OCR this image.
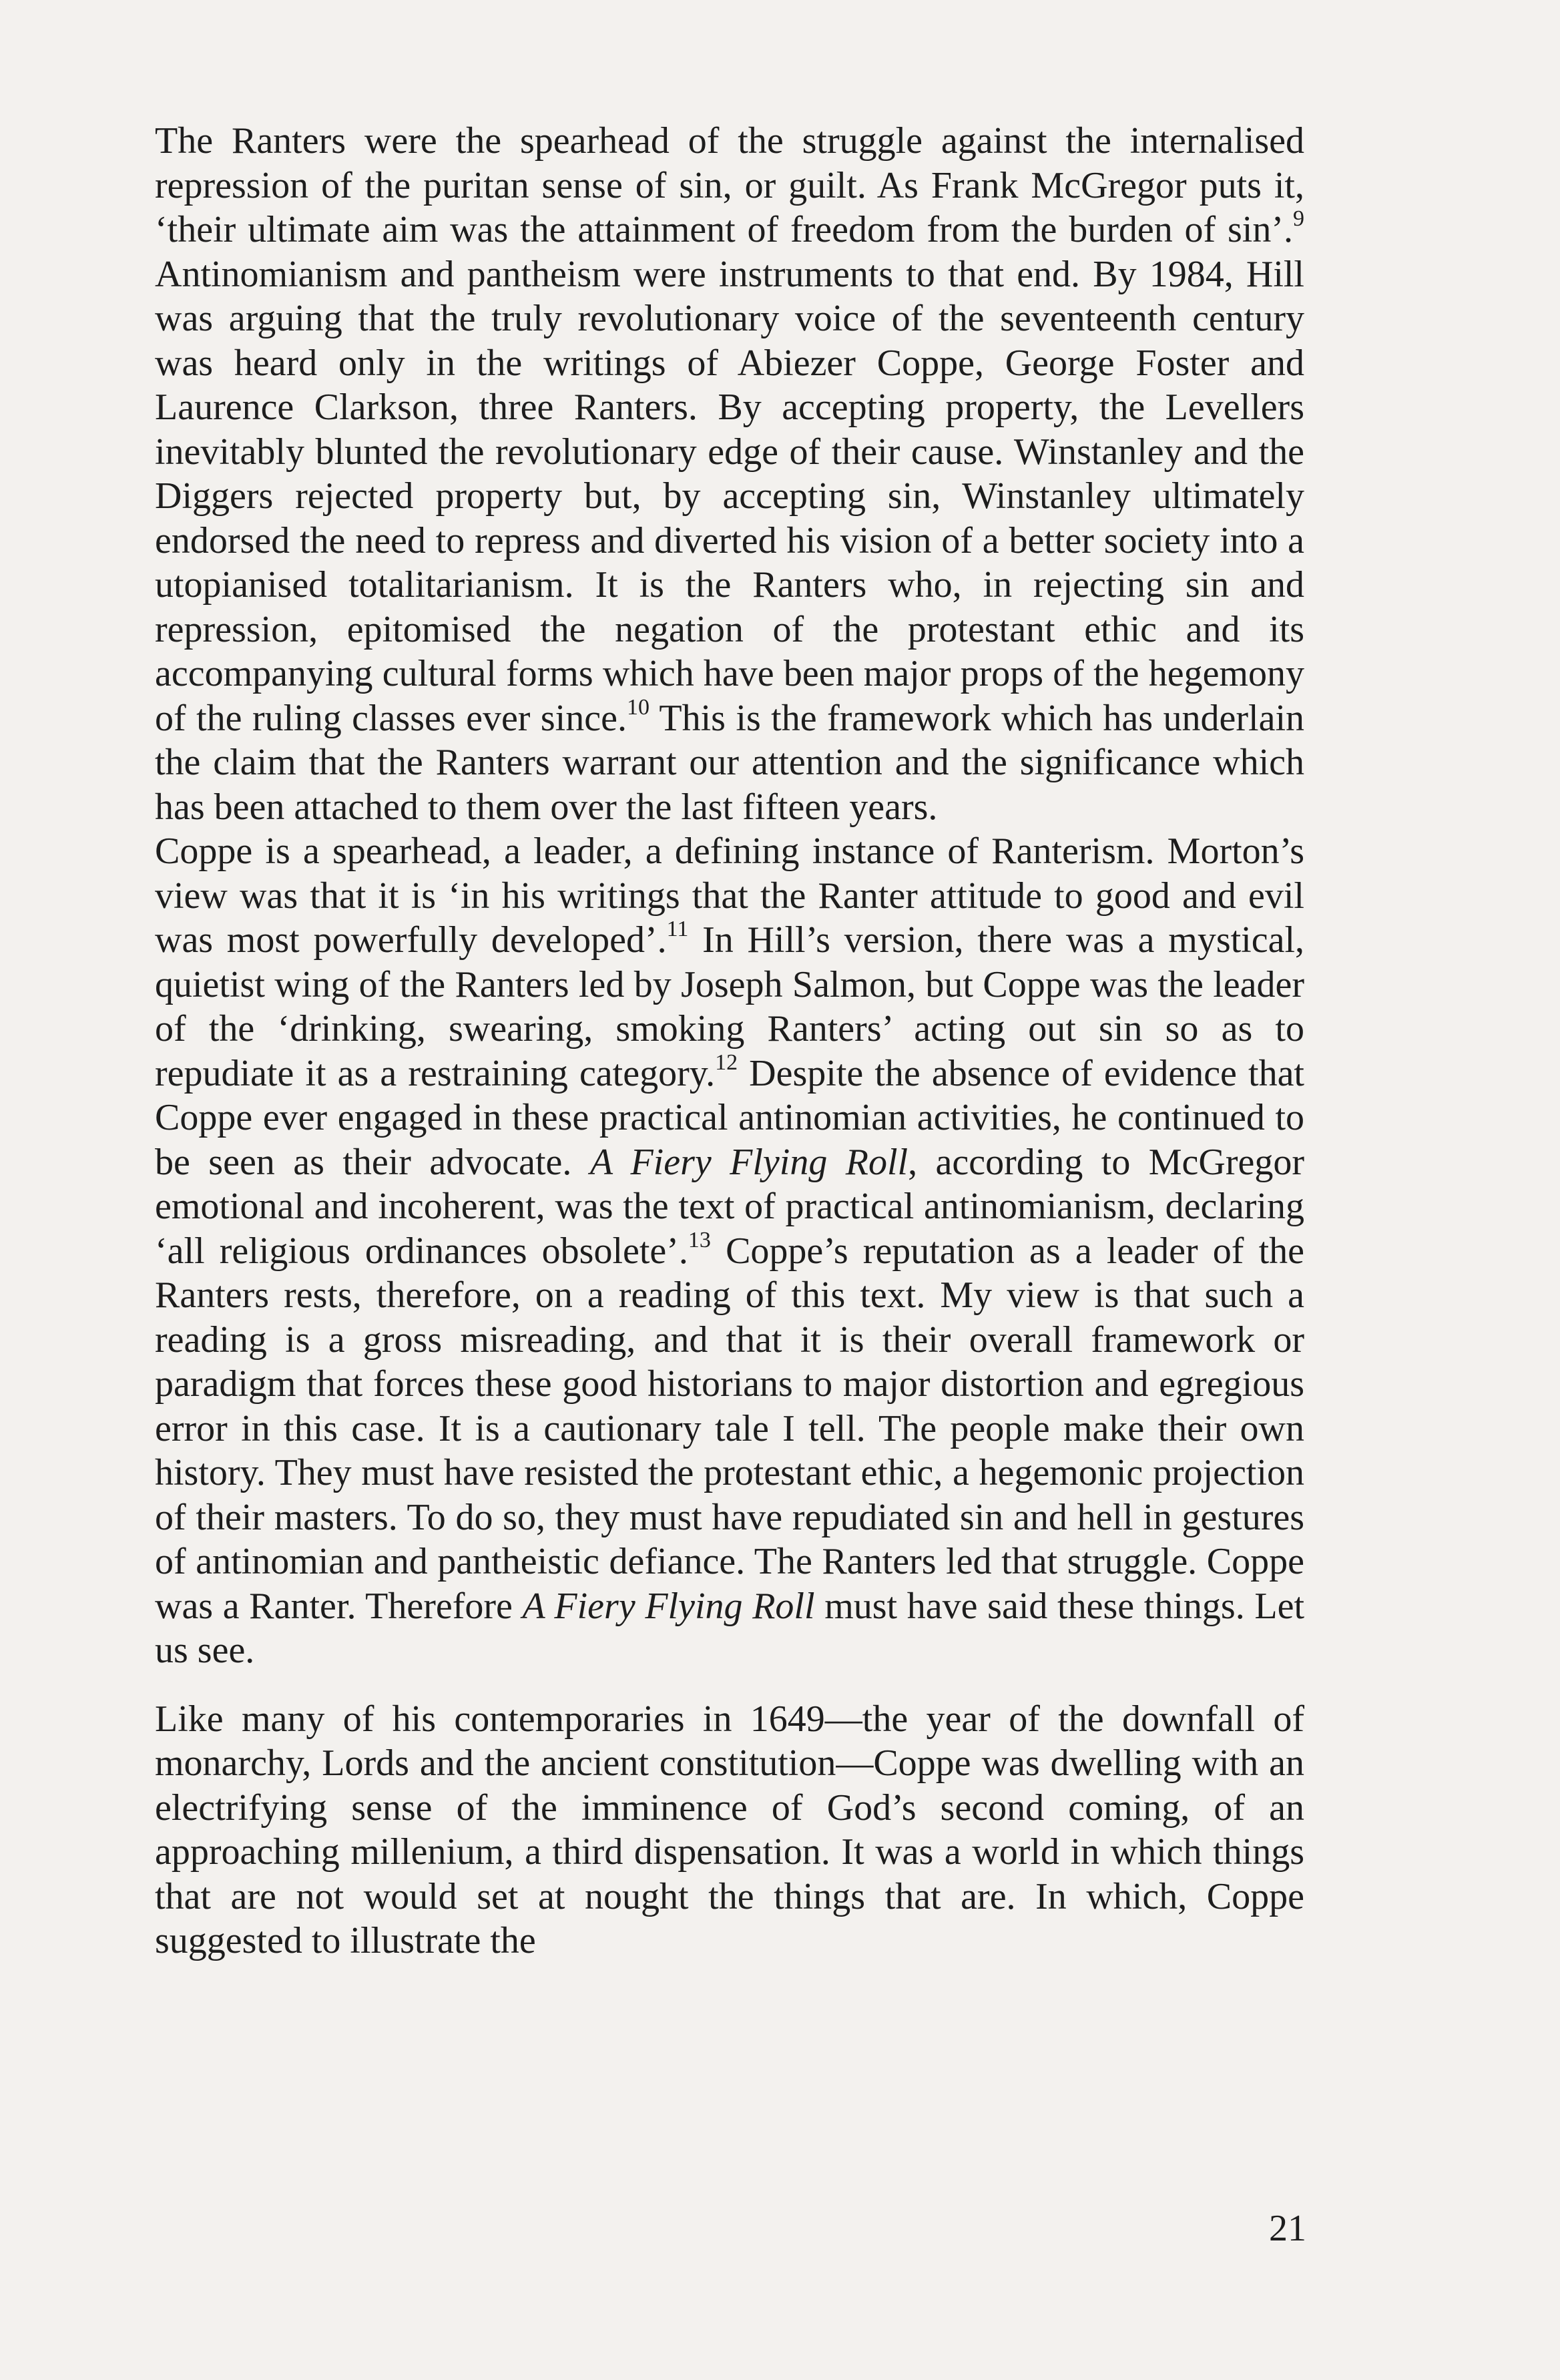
The Ranters were the spearhead of the struggle against the internalised repression of the puritan sense of sin, or guilt. As Frank McGregor puts it, ‘their ultimate aim was the attainment of freedom from the burden of sin’.$^9$ Antinomianism and pantheism were instruments to that end. By 1984, Hill was arguing that the truly revolutionary voice of the seventeenth century was heard only in the writings of Abiezer Coppe, George Foster and Laurence Clarkson, three Ranters. By accepting property, the Levellers inevitably blunted the revolutionary edge of their cause. Winstanley and the Diggers rejected property but, by accepting sin, Winstanley ultimately endorsed the need to repress and diverted his vision of a better society into a utopianised totalitarianism. It is the Ranters who, in rejecting sin and repression, epitomised the negation of the protestant ethic and its accompanying cultural forms which have been major props of the hegemony of the ruling classes ever since.$^{10}$ This is the framework which has underlain the claim that the Ranters warrant our attention and the significance which has been attached to them over the last fifteen years.

Coppe is a spearhead, a leader, a defining instance of Ranterism. Morton’s view was that it is ‘in his writings that the Ranter attitude to good and evil was most powerfully developed’.$^{11}$ In Hill’s version, there was a mystical, quietist wing of the Ranters led by Joseph Salmon, but Coppe was the leader of the ‘drinking, swearing, smoking Ranters’ acting out sin so as to repudiate it as a restraining category.$^{12}$ Despite the absence of evidence that Coppe ever engaged in these practical antinomian activities, he continued to be seen as their advocate. A Fiery Flying Roll, according to McGregor emotional and incoherent, was the text of practical antinomianism, declaring ‘all religious ordinances obsolete’.$^{13}$ Coppe’s reputation as a leader of the Ranters rests, therefore, on a reading of this text. My view is that such a reading is a gross misreading, and that it is their overall framework or paradigm that forces these good historians to major distortion and egregious error in this case. It is a cautionary tale I tell. The people make their own history. They must have resisted the protestant ethic, a hegemonic projection of their masters. To do so, they must have repudiated sin and hell in gestures of antinomian and pantheistic defiance. The Ranters led that struggle. Coppe was a Ranter. Therefore A Fiery Flying Roll must have said these things. Let us see.

Like many of his contemporaries in 1649—the year of the downfall of monarchy, Lords and the ancient constitution—Coppe was dwelling with an electrifying sense of the imminence of God’s second coming, of an approaching millenium, a third dispensation. It was a world in which things that are not would set at nought the things that are. In which, Coppe suggested to illustrate the

21
